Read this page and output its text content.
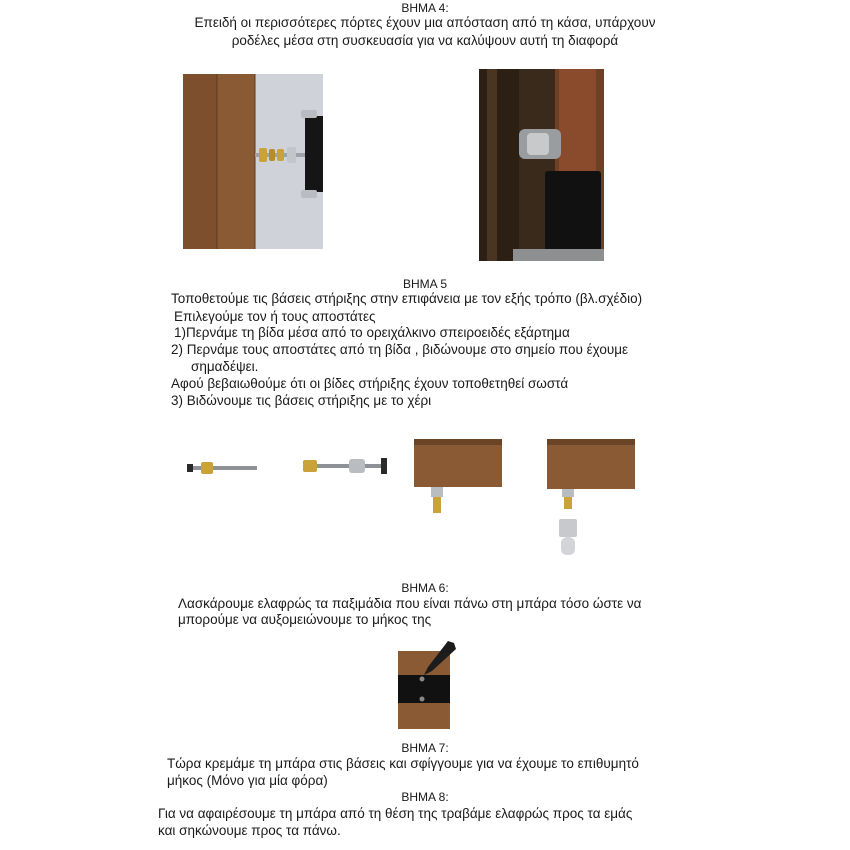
ΒΗΜΑ 4:
Επειδή οι περισσότερες πόρτες έχουν μια απόσταση από τη κάσα, υπάρχουν
ροδέλες μέσα στη συσκευασία για να καλύψουν αυτή τη διαφορά
ΒΗΜΑ 5
Τοποθετούμε τις βάσεις στήριξης στην επιφάνεια με τον εξής τρόπο (βλ.σχέδιο)
Επιλεγούμε τον ή τους αποστάτες
1)Περνάμε τη βίδα μέσα από το ορειχάλκινο σπειροειδές εξάρτημα
2) Περνάμε τους αποστάτες από τη βίδα , βιδώνουμε στο σημείο που έχουμε
σημαδέψει.
Αφού βεβαιωθούμε ότι οι βίδες στήριξης έχουν τοποθετηθεί σωστά
3) Βιδώνουμε τις βάσεις στήριξης με το χέρι
ΒΗΜΑ 6:
Λασκάρουμε ελαφρώς τα παξιμάδια που είναι πάνω στη μπάρα τόσο ώστε να
μπορούμε να αυξομειώνουμε το μήκος της
ΒΗΜΑ 7:
Τώρα κρεμάμε τη μπάρα στις βάσεις και σφίγγουμε για να έχουμε το επιθυμητό
μήκος (Μόνο για μία φόρα)
ΒΗΜΑ 8:
Για να αφαιρέσουμε τη μπάρα από τη θέση της τραβάμε ελαφρώς προς τα εμάς
και σηκώνουμε προς τα πάνω.
